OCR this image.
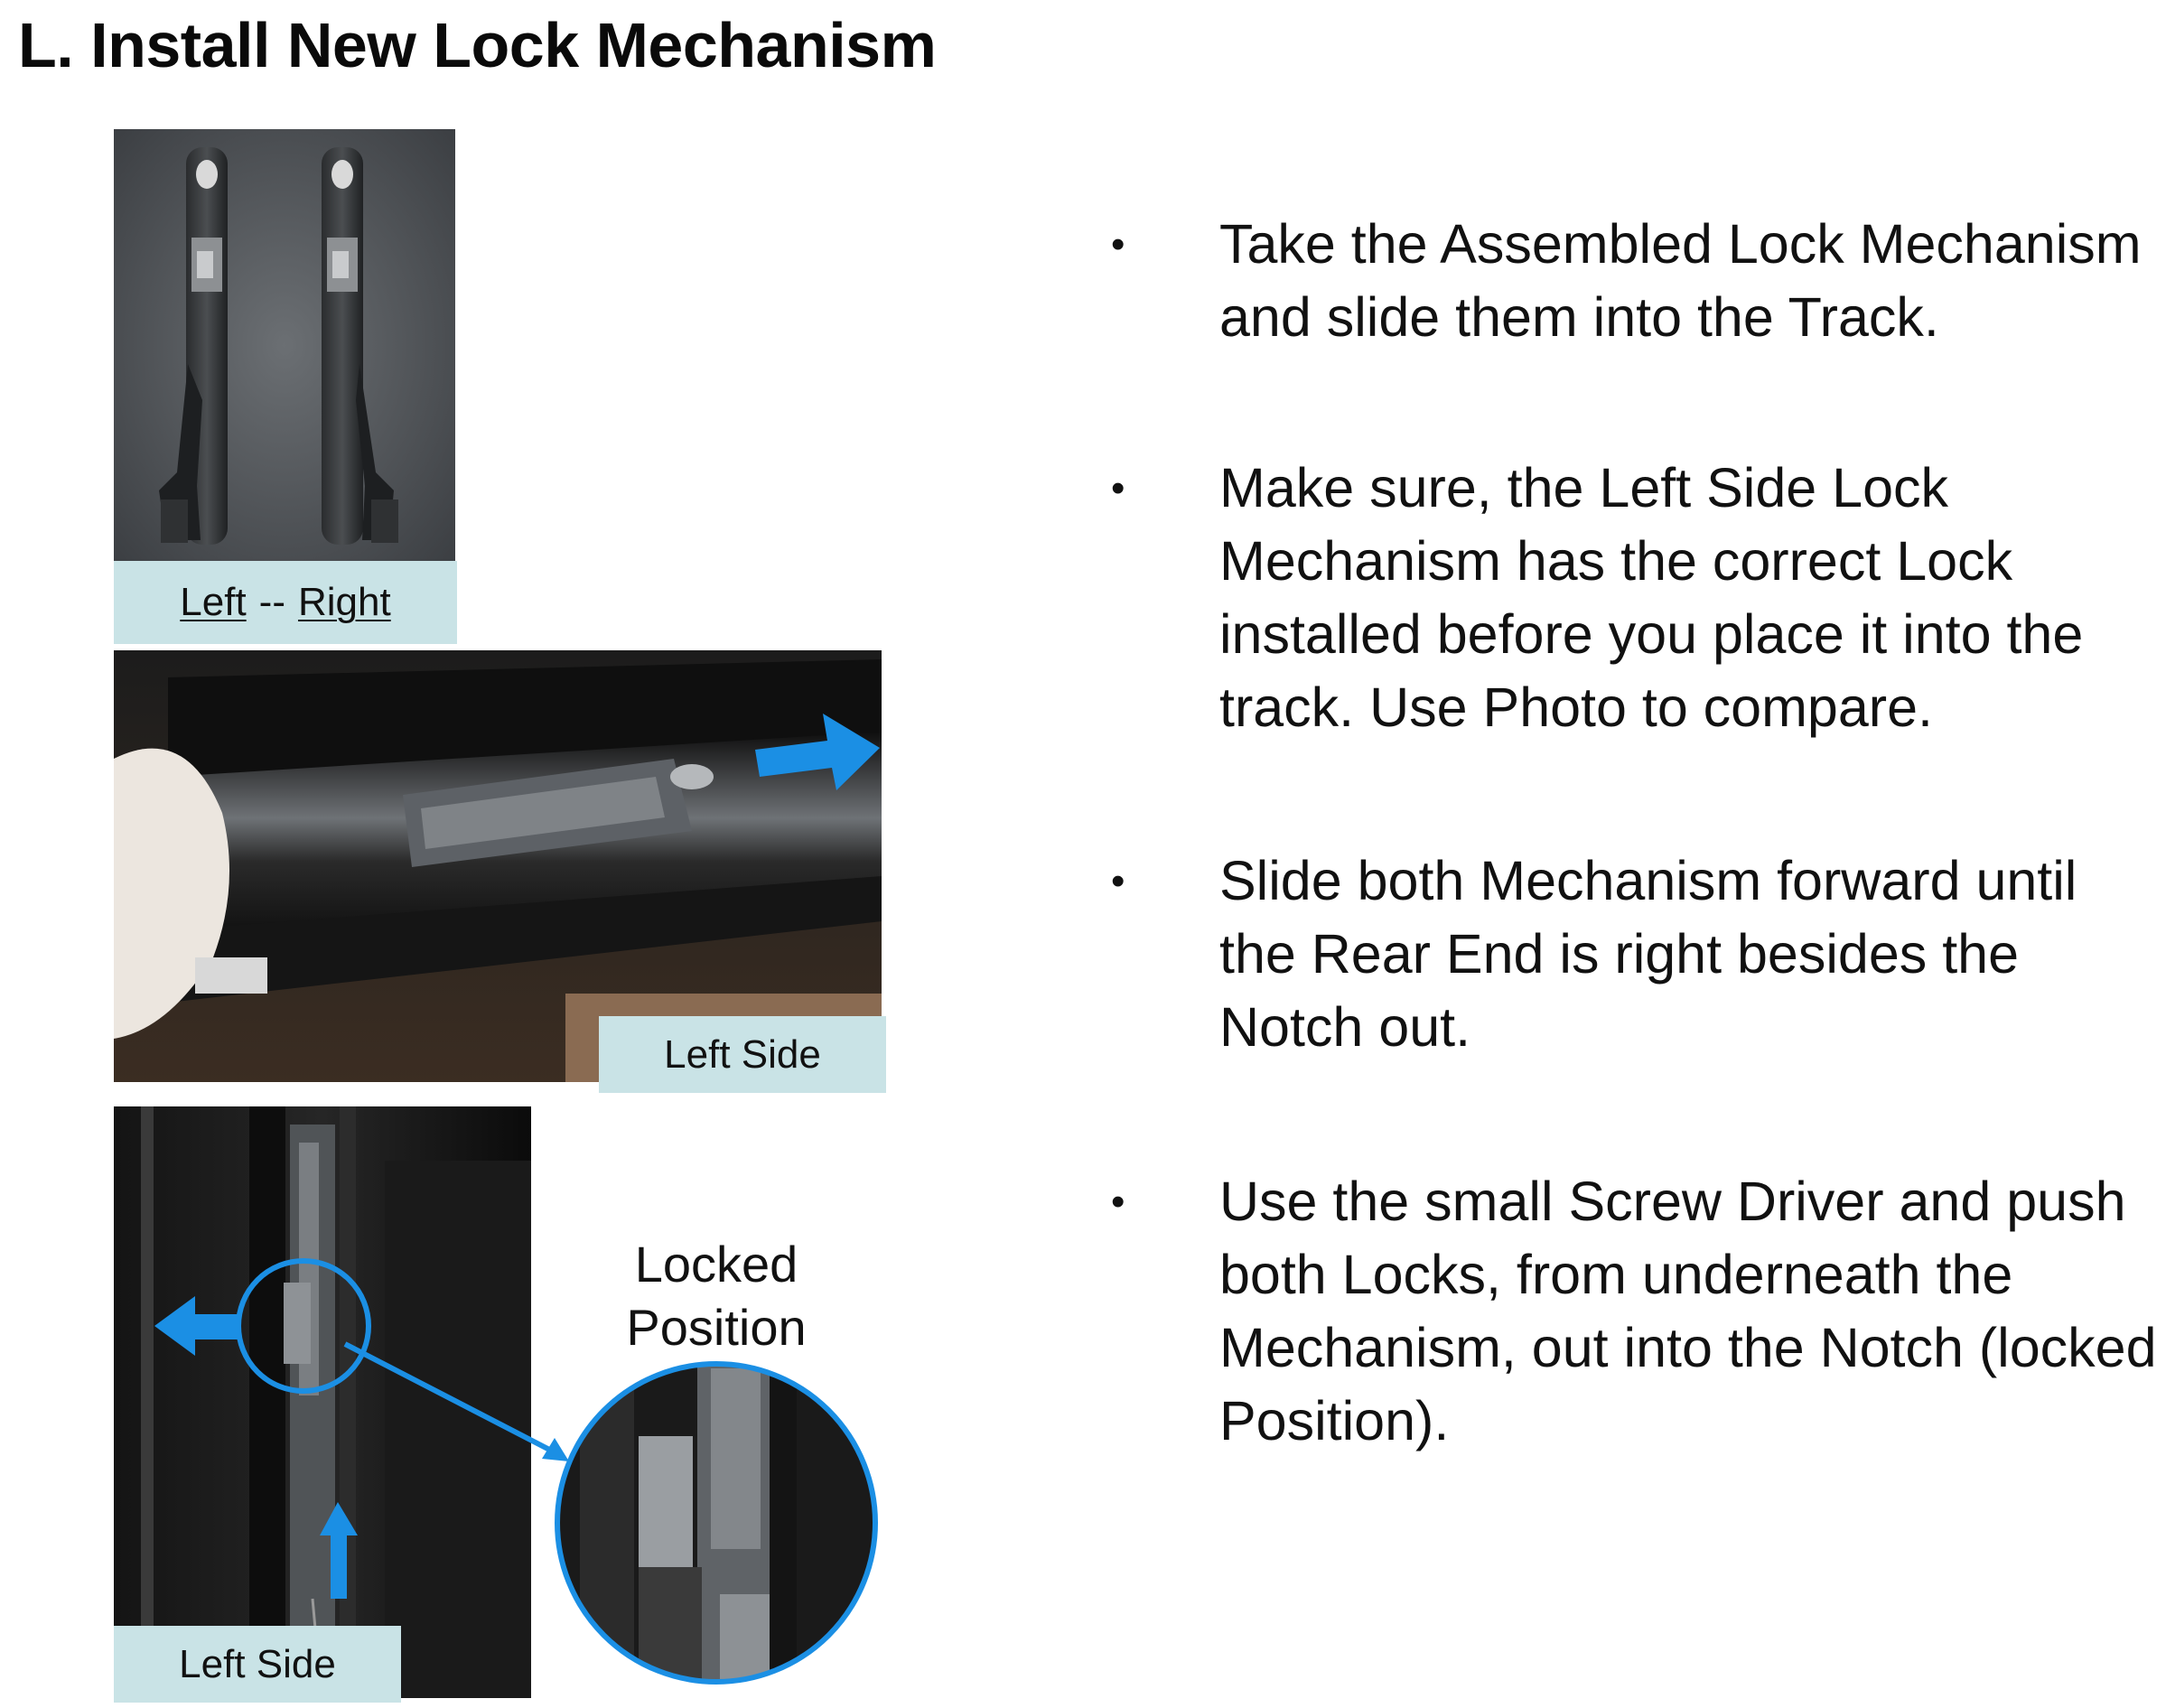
L. Install New Lock Mechanism
Left -- Right
Left Side
Left Side
Locked
Position
•	Take the Assembled Lock Mechanism and slide them into the Track.
•	Make sure, the Left Side Lock Mechanism has the correct Lock installed before you place it into the track. Use Photo to compare.
•	Slide both Mechanism forward until the Rear End is right besides the Notch out.
•	Use the small Screw Driver and push both Locks, from underneath the Mechanism, out into the Notch (locked Position).
